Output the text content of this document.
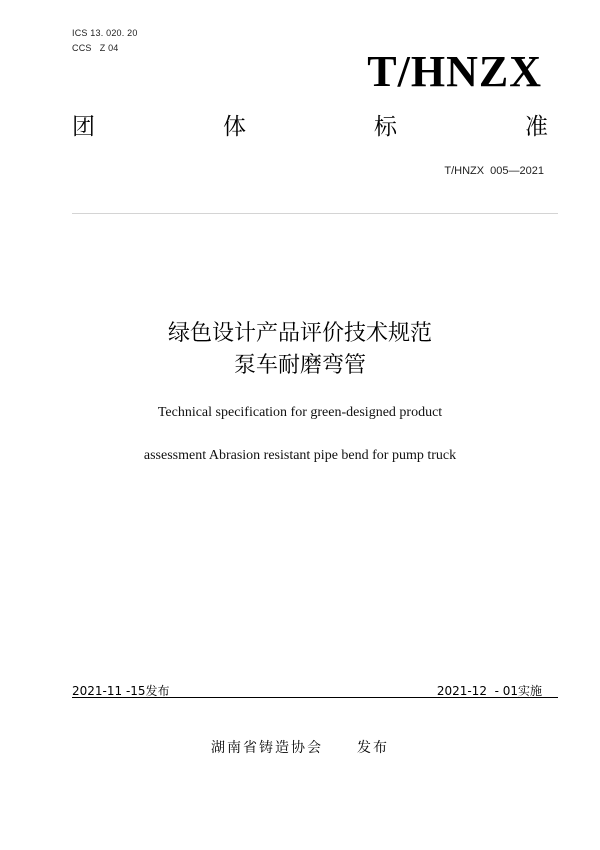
ICS 13. 020. 20
CCS   Z 04	T/HNZX
团	体	标	准
T/HNZX  005—2021
绿色设计产品评价技术规范
泵车耐磨弯管
Technical specification for green-designed product
assessment Abrasion resistant pipe bend for pump truck
2021-11 -15发布	2021-12  - 01实施
湖南省铸造协会 发布
